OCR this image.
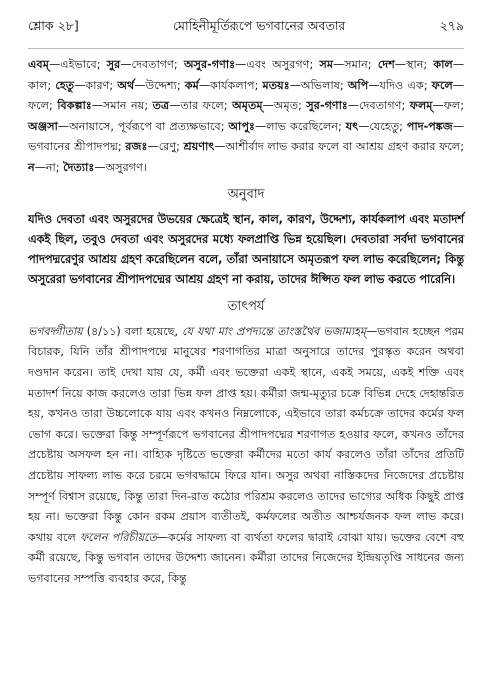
শ্লোক ২৮]	মোহিনীমূর্তিরূপে ভগবানের অবতার	২৭৯
এবম্—এইভাবে; সুর—দেবতাগণ; অসুর-গণাঃ—এবং অসুরগণ; সম—সমান; দেশ—স্থান; কাল—কাল; হেতু—কারণ; অর্থ—উদ্দেশ্য; কর্ম—কার্যকলাপ; মতয়ঃ—অভিলাষ; অপি—যদিও এক; ফলে—ফলে; বিকল্পাঃ—সমান নয়; তত্র—তার ফলে; অমৃতম্—অমৃত; সুর-গণাঃ—দেবতাগণ; ফলম্—ফল; অঞ্জসা—অনায়াসে, পূর্বরূপে বা প্রত্যক্ষভাবে; আপুঃ—লাভ করেছিলেন; যৎ—যেহেতু; পাদ-পঙ্কজ—ভগবানের শ্রীপাদপদ্ম; রজঃ—রেণু; শ্রয়ণাৎ—আশীর্বাদ লাভ করার ফলে বা আশ্রয় গ্রহণ করার ফলে; ন—না; দৈত্যাঃ—অসুরগণ।
অনুবাদ
যদিও দেবতা এবং অসুরদের উভয়ের ক্ষেত্রেই স্থান, কাল, কারণ, উদ্দেশ্য, কার্যকলাপ এবং মতাদর্শ একই ছিল, তবুও দেবতা এবং অসুরদের মধ্যে ফলপ্রাপ্তি ভিন্ন হয়েছিল। দেবতারা সর্বদা ভগবানের পাদপদ্মরেণুর আশ্রয় গ্রহণ করেছিলেন বলে, তাঁরা অনায়াসে অমৃতরূপ ফল লাভ করেছিলেন; কিন্তু অসুরেরা ভগবানের শ্রীপাদপদ্মের আশ্রয় গ্রহণ না করায়, তাদের ঈপ্সিত ফল লাভ করতে পারেনি।
তাৎপর্য
ভগবদ্গীতায় (৪/১১) বলা হয়েছে, যে যথা মাং প্রপদ্যন্তে তাংস্তথৈব ভজাম্যহম্—ভগবান হচ্ছেন পরম বিচারক, যিনি তাঁর শ্রীপাদপদ্মে মানুষের শরণাগতির মাত্রা অনুসারে তাদের পুরস্কৃত করেন অথবা দণ্ডদান করেন। তাই দেখা যায় যে, কর্মী এবং ভক্তেরা একই স্থানে, একই সময়ে, একই শক্তি এবং মতাদর্শ নিয়ে কাজ করলেও তারা ভিন্ন ফল প্রাপ্ত হয়। কর্মীরা জন্ম-মৃত্যুর চক্রে বিভিন্ন দেহে দেহান্তরিত হয়, কখনও তারা উচ্চলোকে যায় এবং কখনও নিম্নলোকে, এইভাবে তারা কর্মচক্রে তাদের কর্মের ফল ভোগ করে। ভক্তেরা কিন্তু সম্পূর্ণরূপে ভগবানের শ্রীপাদপদ্মের শরণাগত হওয়ার ফলে, কখনও তাঁদের প্রচেষ্টায় অসফল হন না। বাহ্যিক দৃষ্টিতে ভক্তেরা কর্মীদের মতো কার্য করলেও তাঁরা তাঁদের প্রতিটি প্রচেষ্টায় সাফল্য লাভ করে চরমে ভগবদ্ধামে ফিরে যান। অসুর অথবা নাস্তিকদের নিজেদের প্রচেষ্টায় সম্পূর্ণ বিশ্বাস রয়েছে, কিন্তু তারা দিন-রাত কঠোর পরিশ্রম করলেও তাদের ভাগ্যের অধিক কিছুই প্রাপ্ত হয় না। ভক্তেরা কিন্তু কোন রকম প্রয়াস ব্যতীতই, কর্মফলের অতীত আশ্চর্যজনক ফল লাভ করে। কথায় বলে ফলেন পরিচীয়তে—কর্মের সাফল্য বা ব্যর্থতা ফলের দ্বারাই বোঝা যায়। ভক্তের বেশে বহু কর্মী রয়েছে, কিন্তু ভগবান তাদের উদ্দেশ্য জানেন। কর্মীরা তাদের নিজেদের ইন্দ্রিয়তৃপ্তি সাধনের জন্য ভগবানের সম্পত্তি ব্যবহার করে, কিন্তু
